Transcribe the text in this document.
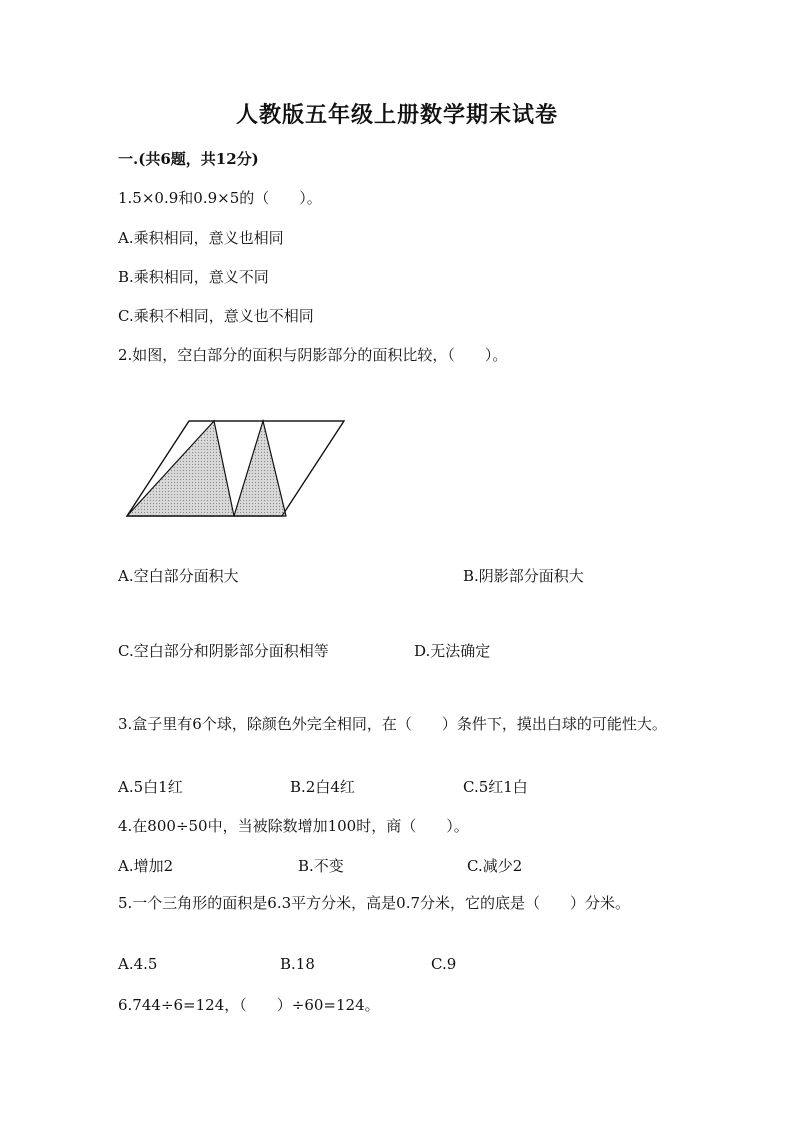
人教版五年级上册数学期末试卷
一.(共6题，共12分)
1.5×0.9和0.9×5的（　　）。
A.乘积相同，意义也相同
B.乘积相同，意义不同
C.乘积不相同，意义也不相同
2.如图，空白部分的面积与阴影部分的面积比较，（　　）。
A.空白部分面积大	B.阴影部分面积大
C.空白部分和阴影部分面积相等	D.无法确定
3.盒子里有6个球，除颜色外完全相同，在（　　）条件下，摸出白球的可能性大。
A.5白1红	B.2白4红	C.5红1白
4.在800÷50中，当被除数增加100时，商（　　）。
A.增加2	B.不变	C.减少2
5.一个三角形的面积是6.3平方分米，高是0.7分米，它的底是（　　）分米。
A.4.5	B.18	C.9
6.744÷6=124，（　　）÷60=124。
